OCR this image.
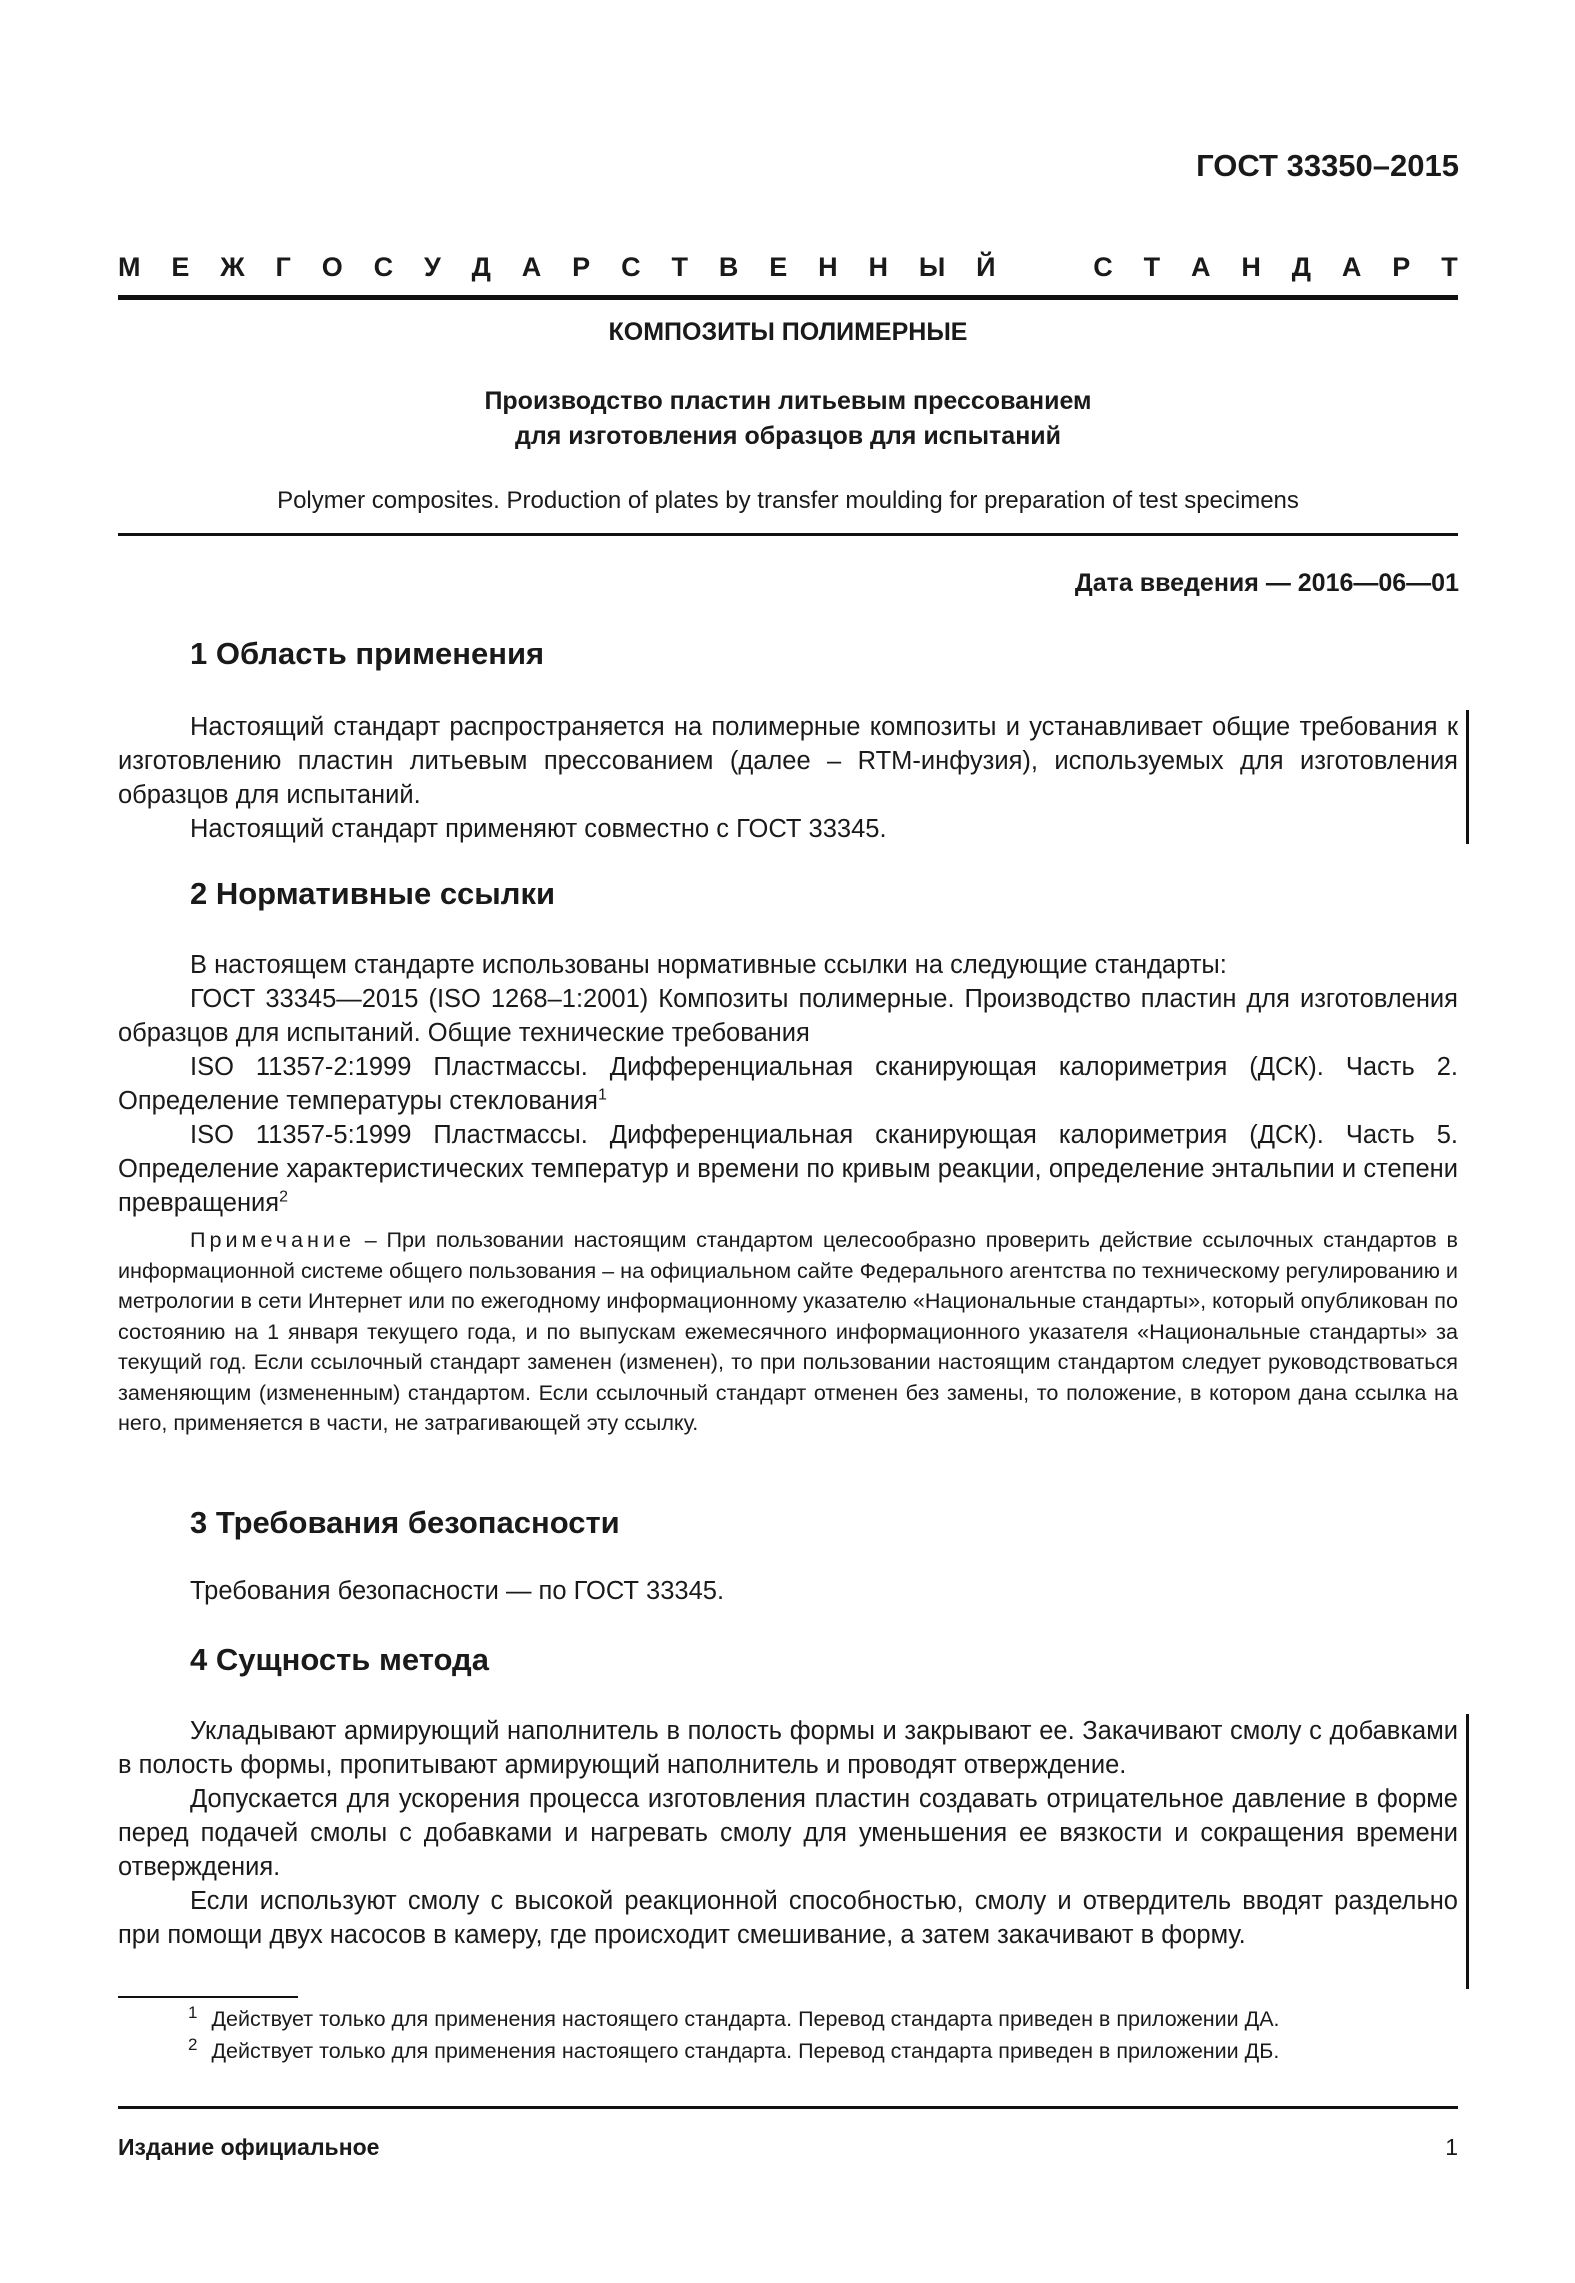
ГОСТ 33350–2015
М Е Ж Г О С У Д А Р С Т В Е Н Н Ы Й	С Т А Н Д А Р Т
КОМПОЗИТЫ ПОЛИМЕРНЫЕ
Производство пластин литьевым прессованием
для изготовления образцов для испытаний
Polymer composites. Production of plates by transfer moulding for preparation of test specimens
Дата введения — 2016—06—01
1 Область применения

Настоящий стандарт распространяется на полимерные композиты и устанавливает общие требования к изготовлению пластин литьевым прессованием (далее – RTM-инфузия), используемых для изготовления образцов для испытаний.

Настоящий стандарт применяют совместно с ГОСТ 33345.

2 Нормативные ссылки

В настоящем стандарте использованы нормативные ссылки на следующие стандарты:

ГОСТ 33345—2015 (ISO 1268–1:2001) Композиты полимерные. Производство пластин для изготовления образцов для испытаний. Общие технические требования

ISO 11357-2:1999 Пластмассы. Дифференциальная сканирующая калориметрия (ДСК). Часть 2. Определение температуры стеклования$^1$

ISO 11357-5:1999 Пластмассы. Дифференциальная сканирующая калориметрия (ДСК). Часть 5. Определение характеристических температур и времени по кривым реакции, определение энтальпии и степени превращения$^2$

Примечание – При пользовании настоящим стандартом целесообразно проверить действие ссылочных стандартов в информационной системе общего пользования – на официальном сайте Федерального агентства по техническому регулированию и метрологии в сети Интернет или по ежегодному информационному указателю «Национальные стандарты», который опубликован по состоянию на 1 января текущего года, и по выпускам ежемесячного информационного указателя «Национальные стандарты» за текущий год. Если ссылочный стандарт заменен (изменен), то при пользовании настоящим стандартом следует руководствоваться заменяющим (измененным) стандартом. Если ссылочный стандарт отменен без замены, то положение, в котором дана ссылка на него, применяется в части, не затрагивающей эту ссылку.

3 Требования безопасности

Требования безопасности — по ГОСТ 33345.

4 Сущность метода

Укладывают армирующий наполнитель в полость формы и закрывают ее. Закачивают смолу с добавками в полость формы, пропитывают армирующий наполнитель и проводят отверждение.

Допускается для ускорения процесса изготовления пластин создавать отрицательное давление в форме перед подачей смолы с добавками и нагревать смолу для уменьшения ее вязкости и сокращения времени отверждения.

Если используют смолу с высокой реакционной способностью, смолу и отвердитель вводят раздельно при помощи двух насосов в камеру, где происходит смешивание, а затем закачивают в форму.

$^1$ Действует только для применения настоящего стандарта. Перевод стандарта приведен в приложении ДА.
$^2$ Действует только для применения настоящего стандарта. Перевод стандарта приведен в приложении ДБ.
Издание официальное	1
